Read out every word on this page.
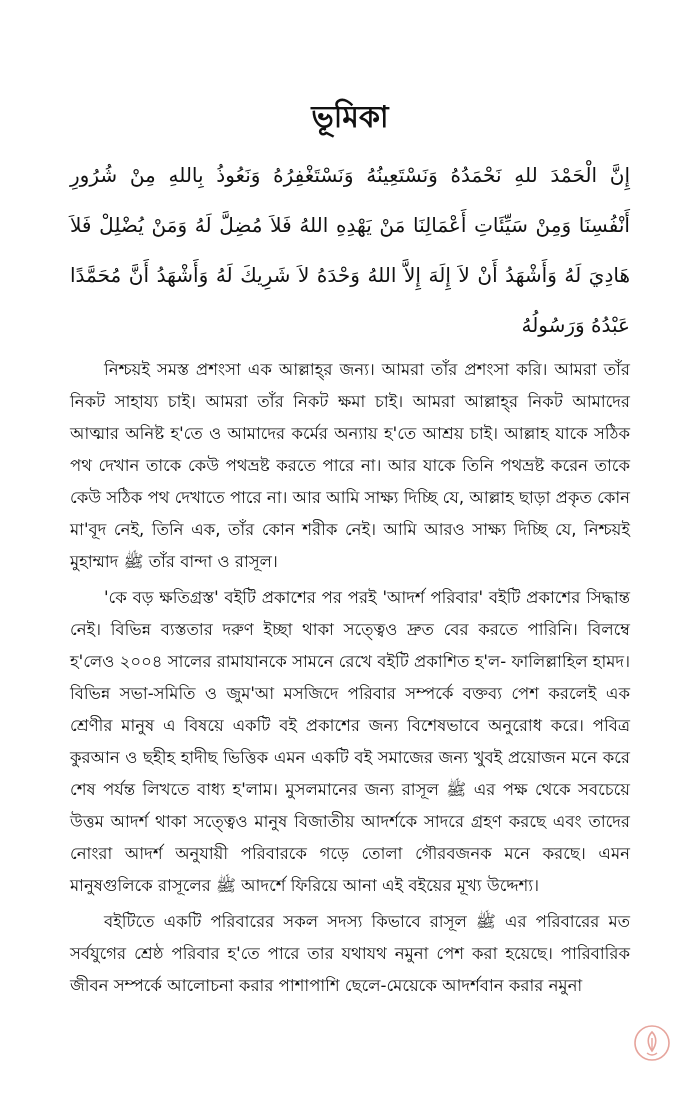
ভূমিকা

إِنَّ الْحَمْدَ للهِ نَحْمَدُهُ وَنَسْتَعِينُهُ وَنَسْتَغْفِرُهُ وَنَعُوذُ بِاللهِ مِنْ شُرُورِ أَنْفُسِنَا وَمِنْ سَيِّئَاتِ أَعْمَالِنَا مَنْ يَهْدِهِ اللهُ فَلاَ مُضِلَّ لَهُ وَمَنْ يُضْلِلْ فَلاَ هَادِيَ لَهُ وَأَشْهَدُ أَنْ لاَ إِلَهَ إِلاَّ اللهُ وَحْدَهُ لاَ شَرِيكَ لَهُ وَأَشْهَدُ أَنَّ مُحَمَّدًا عَبْدُهُ وَرَسُولُهُ

নিশ্চয়ই সমস্ত প্রশংসা এক আল্লাহ্‌র জন্য। আমরা তাঁর প্রশংসা করি। আমরা তাঁর নিকট সাহায্য চাই। আমরা তাঁর নিকট ক্ষমা চাই। আমরা আল্লাহ্‌র নিকট আমাদের আত্মার অনিষ্ট হ'তে ও আমাদের কর্মের অন্যায় হ'তে আশ্রয় চাই। আল্লাহ যাকে সঠিক পথ দেখান তাকে কেউ পথভ্রষ্ট করতে পারে না। আর যাকে তিনি পথভ্রষ্ট করেন তাকে কেউ সঠিক পথ দেখাতে পারে না। আর আমি সাক্ষ্য দিচ্ছি যে, আল্লাহ ছাড়া প্রকৃত কোন মা'বূদ নেই, তিনি এক, তাঁর কোন শরীক নেই। আমি আরও সাক্ষ্য দিচ্ছি যে, নিশ্চয়ই মুহাম্মাদ ﷺ তাঁর বান্দা ও রাসূল।

'কে বড় ক্ষতিগ্রস্ত' বইটি প্রকাশের পর পরই 'আদর্শ পরিবার' বইটি প্রকাশের সিদ্ধান্ত নেই। বিভিন্ন ব্যস্ততার দরুণ ইচ্ছা থাকা সত্ত্বেও দ্রুত বের করতে পারিনি। বিলম্বে হ'লেও ২০০৪ সালের রামাযানকে সামনে রেখে বইটি প্রকাশিত হ'ল- ফালিল্লাহিল হামদ। বিভিন্ন সভা-সমিতি ও জুম'আ মসজিদে পরিবার সম্পর্কে বক্তব্য পেশ করলেই এক শ্রেণীর মানুষ এ বিষয়ে একটি বই প্রকাশের জন্য বিশেষভাবে অনুরোধ করে। পবিত্র কুরআন ও ছহীহ হাদীছ ভিত্তিক এমন একটি বই সমাজের জন্য খুবই প্রয়োজন মনে করে শেষ পর্যন্ত লিখতে বাধ্য হ'লাম। মুসলমানের জন্য রাসূল ﷺ এর পক্ষ থেকে সবচেয়ে উত্তম আদর্শ থাকা সত্ত্বেও মানুষ বিজাতীয় আদর্শকে সাদরে গ্রহণ করছে এবং তাদের নোংরা আদর্শ অনুযায়ী পরিবারকে গড়ে তোলা গৌরবজনক মনে করছে। এমন মানুষগুলিকে রাসূলের ﷺ আদর্শে ফিরিয়ে আনা এই বইয়ের মূখ্য উদ্দেশ্য।

বইটিতে একটি পরিবারের সকল সদস্য কিভাবে রাসূল ﷺ এর পরিবারের মত সর্বযুগের শ্রেষ্ঠ পরিবার হ'তে পারে তার যথাযথ নমুনা পেশ করা হয়েছে। পারিবারিক জীবন সম্পর্কে আলোচনা করার পাশাপাশি ছেলে-মেয়েকে আদর্শবান করার নমুনা
